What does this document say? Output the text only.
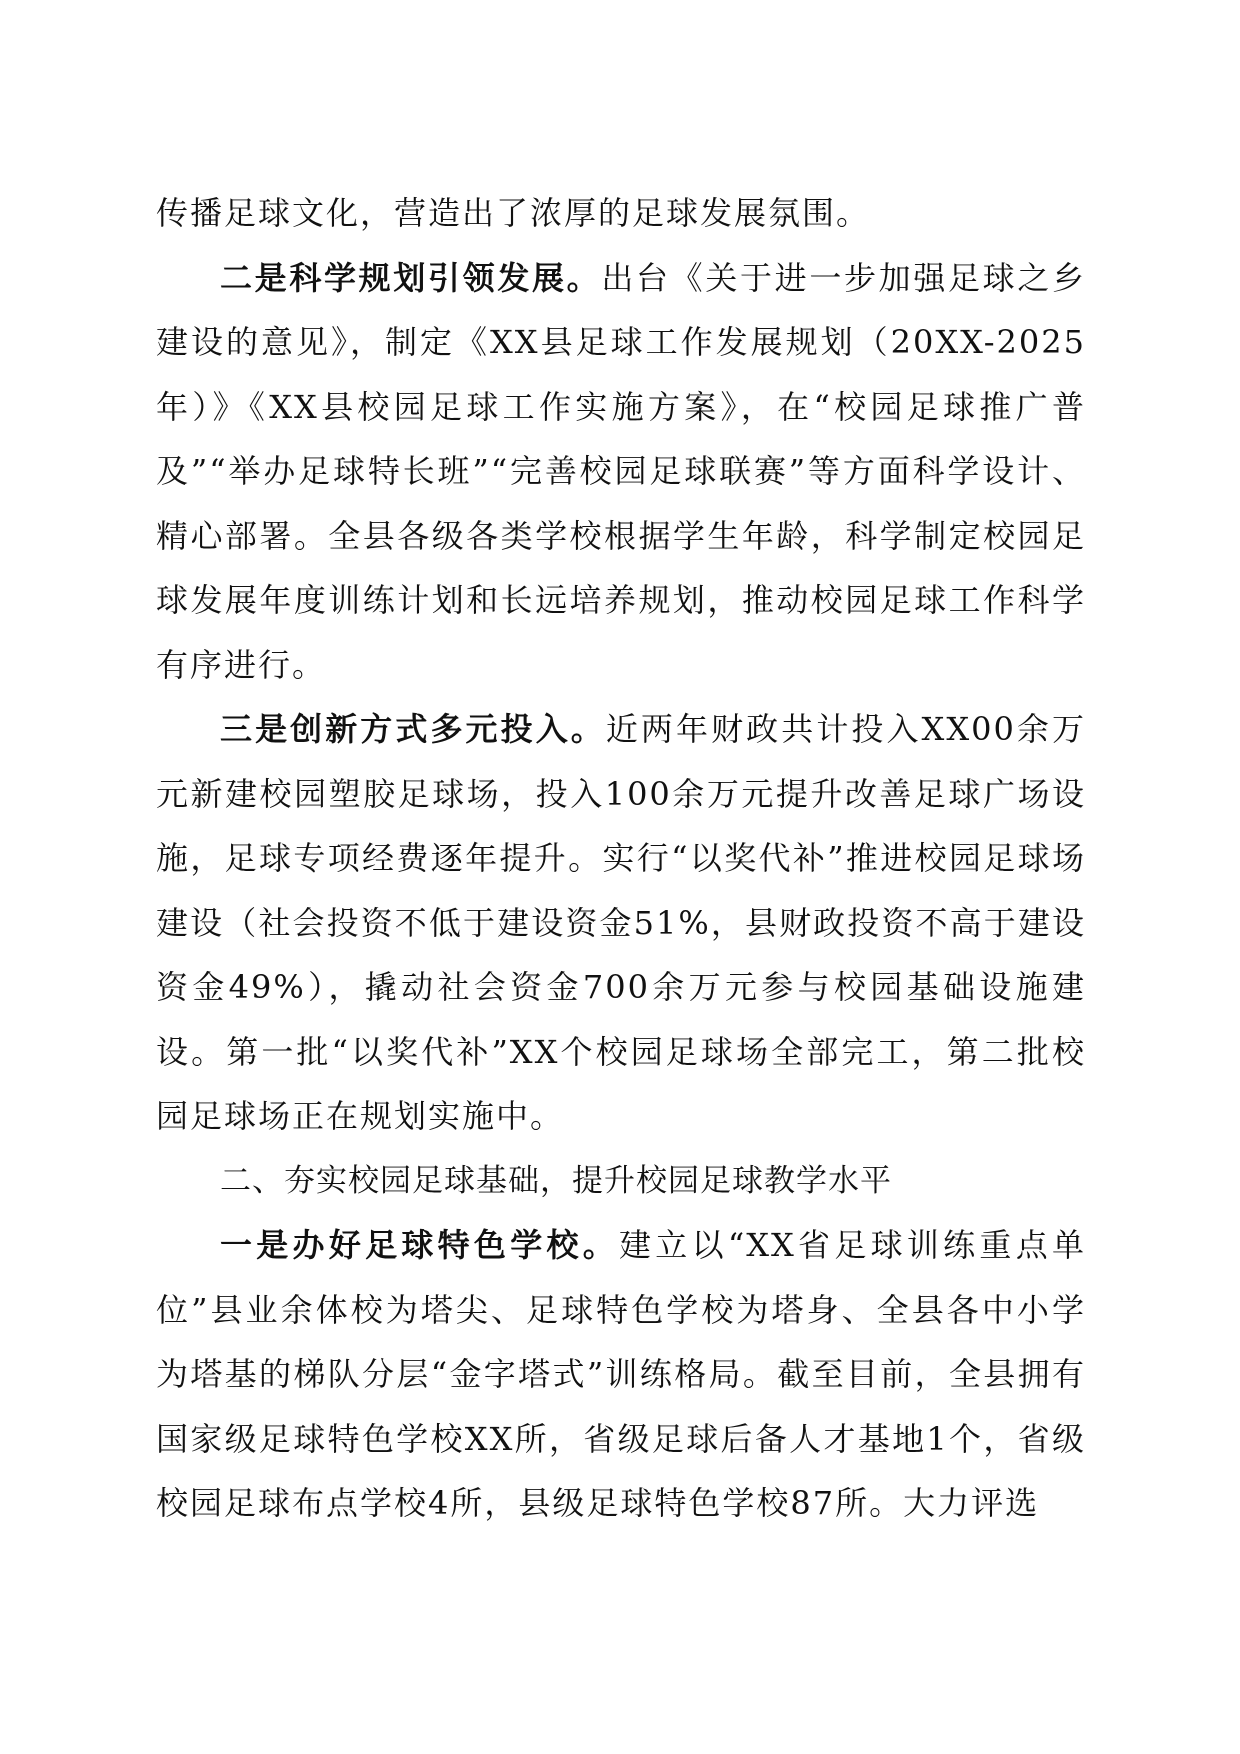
传播足球文化，营造出了浓厚的足球发展氛围。

二是科学规划引领发展。出台《关于进一步加强足球之乡建设的意见》，制定《XX县足球工作发展规划（20XX-2025年）》《XX县校园足球工作实施方案》，在“校园足球推广普及”“举办足球特长班”“完善校园足球联赛”等方面科学设计、精心部署。全县各级各类学校根据学生年龄，科学制定校园足球发展年度训练计划和长远培养规划，推动校园足球工作科学有序进行。

三是创新方式多元投入。近两年财政共计投入XX00余万元新建校园塑胶足球场，投入100余万元提升改善足球广场设施，足球专项经费逐年提升。实行“以奖代补”推进校园足球场建设（社会投资不低于建设资金51%，县财政投资不高于建设资金49%），撬动社会资金700余万元参与校园基础设施建设。第一批“以奖代补”XX个校园足球场全部完工，第二批校园足球场正在规划实施中。

二、夯实校园足球基础，提升校园足球教学水平

一是办好足球特色学校。建立以“XX省足球训练重点单位”县业余体校为塔尖、足球特色学校为塔身、全县各中小学为塔基的梯队分层“金字塔式”训练格局。截至目前，全县拥有国家级足球特色学校XX所，省级足球后备人才基地1个，省级校园足球布点学校4所，县级足球特色学校87所。大力评选
